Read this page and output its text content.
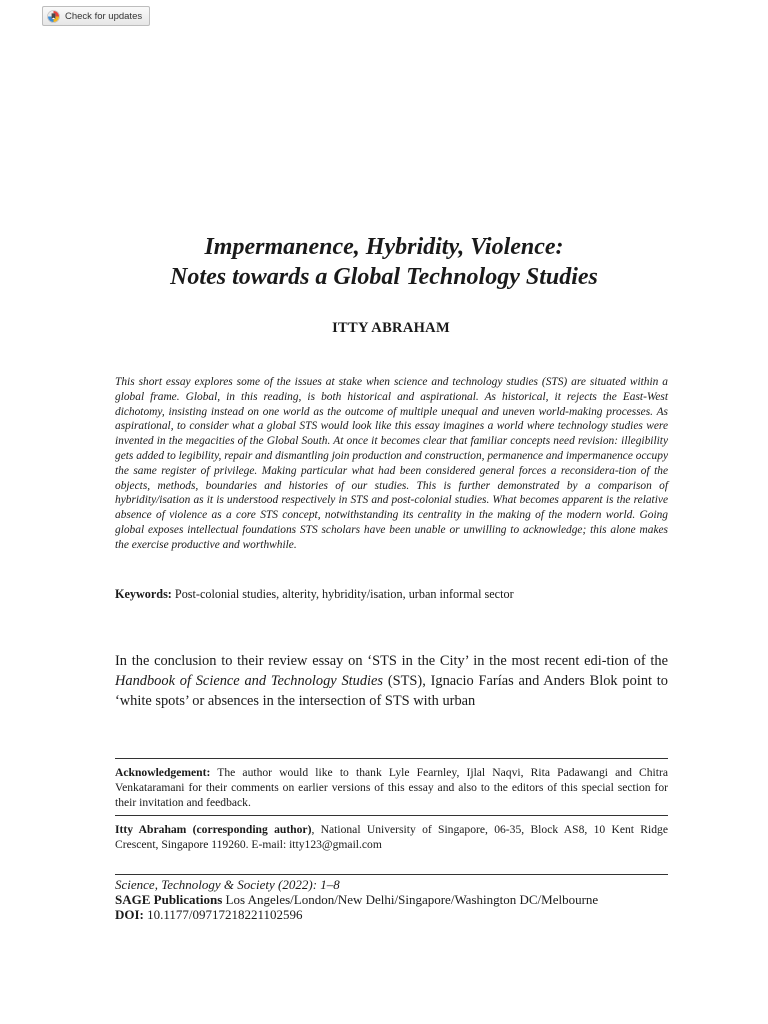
Check for updates
Impermanence, Hybridity, Violence:
Notes towards a Global Technology Studies

ITTY ABRAHAM

This short essay explores some of the issues at stake when science and technology studies (STS) are situated within a global frame. Global, in this reading, is both historical and aspirational. As historical, it rejects the East-West dichotomy, insisting instead on one world as the outcome of multiple unequal and uneven world-making processes. As aspirational, to consider what a global STS would look like this essay imagines a world where technology studies were invented in the megacities of the Global South. At once it becomes clear that familiar concepts need revision: illegibility gets added to legibility, repair and dismantling join production and construction, permanence and impermanence occupy the same register of privilege. Making particular what had been considered general forces a reconsidera-tion of the objects, methods, boundaries and histories of our studies. This is further demonstrated by a comparison of hybridity/isation as it is understood respectively in STS and post-colonial studies. What becomes apparent is the relative absence of violence as a core STS concept, notwithstanding its centrality in the making of the modern world. Going global exposes intellectual foundations STS scholars have been unable or unwilling to acknowledge; this alone makes the exercise productive and worthwhile.

Keywords: Post-colonial studies, alterity, hybridity/isation, urban informal sector

In the conclusion to their review essay on ‘STS in the City’ in the most recent edi-tion of the Handbook of Science and Technology Studies (STS), Ignacio Farías and Anders Blok point to ‘white spots’ or absences in the intersection of STS with urban

Acknowledgement: The author would like to thank Lyle Fearnley, Ijlal Naqvi, Rita Padawangi and Chitra Venkataramani for their comments on earlier versions of this essay and also to the editors of this special section for their invitation and feedback.

Itty Abraham (corresponding author), National University of Singapore, 06-35, Block AS8, 10 Kent Ridge Crescent, Singapore 119260. E-mail: itty123@gmail.com

Science, Technology & Society (2022): 1–8
SAGE Publications Los Angeles/London/New Delhi/Singapore/Washington DC/Melbourne
DOI: 10.1177/09717218221102596
